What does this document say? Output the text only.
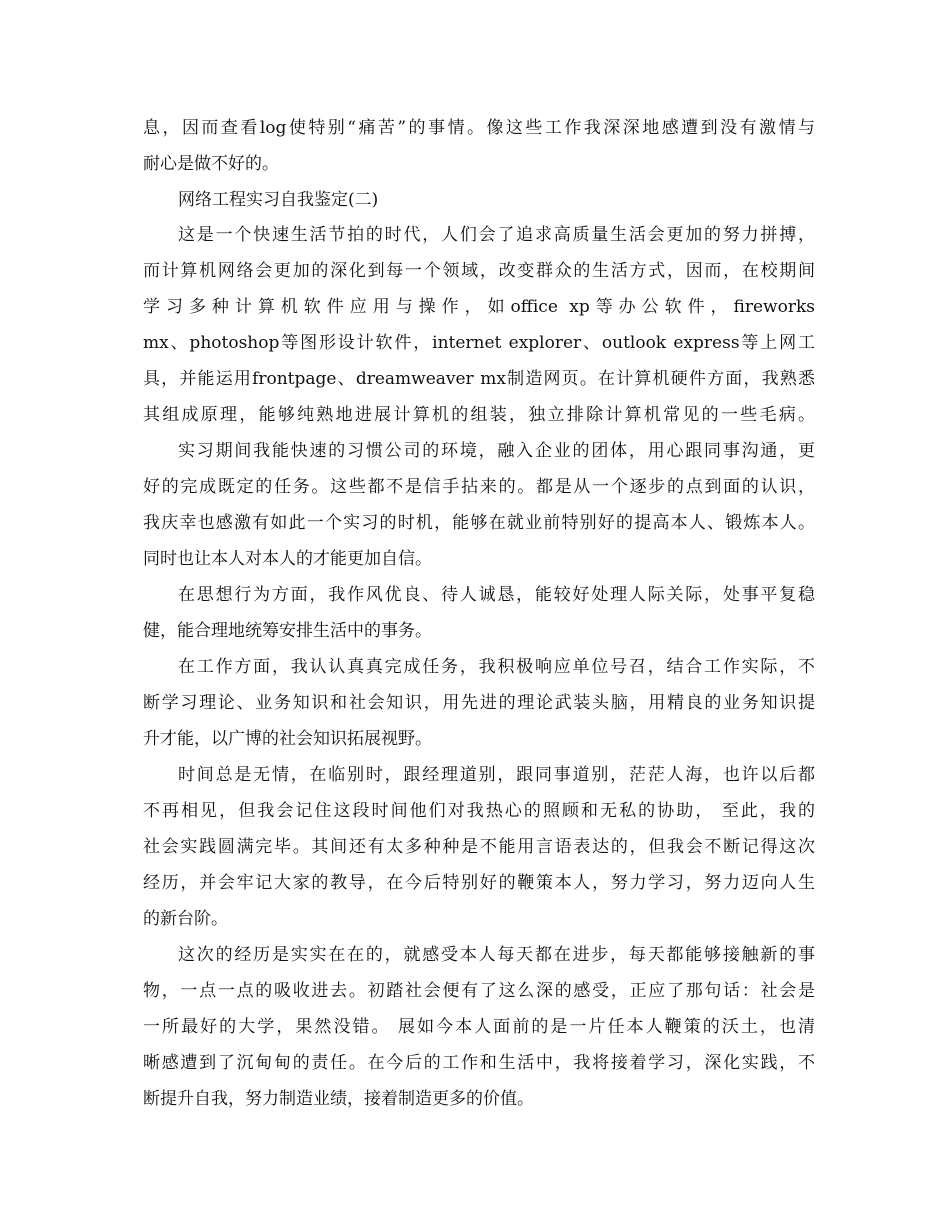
息，因而查看log使特别“痛苦”的事情。像这些工作我深深地感遭到没有激情与
耐心是做不好的。
网络工程实习自我鉴定(二)
这是一个快速生活节拍的时代，人们会了追求高质量生活会更加的努力拼搏，
而计算机网络会更加的深化到每一个领域，改变群众的生活方式，因而，在校期间
学习多种计算机软件应用与操作，如office xp等办公软件，fireworks
mx、photoshop等图形设计软件，internet explorer、outlook express等上网工
具，并能运用frontpage、dreamweaver mx制造网页。在计算机硬件方面，我熟悉
其组成原理，能够纯熟地进展计算机的组装，独立排除计算机常见的一些毛病。
实习期间我能快速的习惯公司的环境，融入企业的团体，用心跟同事沟通，更
好的完成既定的任务。这些都不是信手拈来的。都是从一个逐步的点到面的认识，
我庆幸也感激有如此一个实习的时机，能够在就业前特别好的提高本人、锻炼本人。
同时也让本人对本人的才能更加自信。
在思想行为方面，我作风优良、待人诚恳，能较好处理人际关际，处事平复稳
健，能合理地统筹安排生活中的事务。
在工作方面，我认认真真完成任务，我积极响应单位号召，结合工作实际，不
断学习理论、业务知识和社会知识，用先进的理论武装头脑，用精良的业务知识提
升才能，以广博的社会知识拓展视野。
时间总是无情，在临别时，跟经理道别，跟同事道别，茫茫人海，也许以后都
不再相见，但我会记住这段时间他们对我热心的照顾和无私的协助， 至此，我的
社会实践圆满完毕。其间还有太多种种是不能用言语表达的，但我会不断记得这次
经历，并会牢记大家的教导，在今后特别好的鞭策本人，努力学习，努力迈向人生
的新台阶。
这次的经历是实实在在的，就感受本人每天都在进步，每天都能够接触新的事
物，一点一点的吸收进去。初踏社会便有了这么深的感受，正应了那句话：社会是
一所最好的大学，果然没错。 展如今本人面前的是一片任本人鞭策的沃土，也清
晰感遭到了沉甸甸的责任。在今后的工作和生活中，我将接着学习，深化实践，不
断提升自我，努力制造业绩，接着制造更多的价值。
